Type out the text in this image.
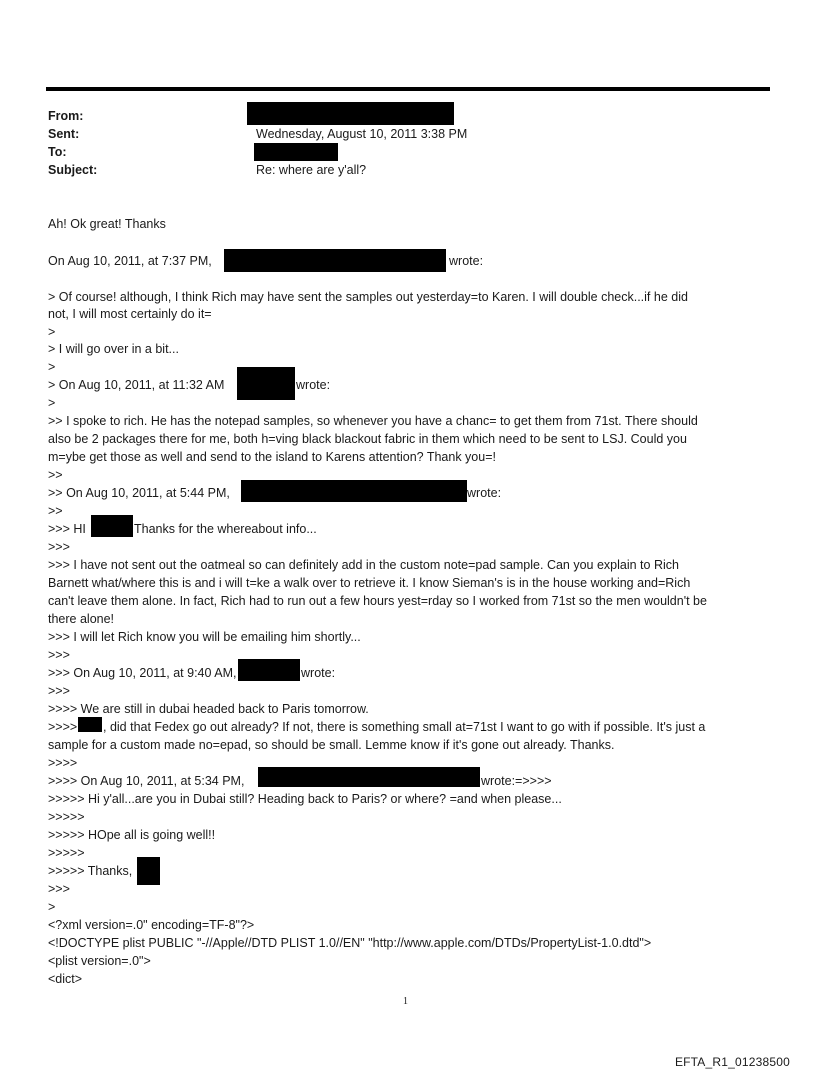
From:
Sent:	Wednesday, August 10, 2011 3:38 PM
To:
Subject:	Re: where are y'all?
Ah! Ok great! Thanks
On Aug 10, 2011, at 7:37 PM,	wrote:
> Of course! although, I think Rich may have sent the samples out yesterday=to Karen. I will double check...if he did
not, I will most certainly do it=
>
> I will go over in a bit...
>
> On Aug 10, 2011, at 11:32 AM	wrote:
>
>> I spoke to rich. He has the notepad samples, so whenever you have a chanc= to get them from 71st. There should
also be 2 packages there for me, both h=ving black blackout fabric in them which need to be sent to LSJ. Could you
m=ybe get those as well and send to the island to Karens attention? Thank you=!
>>
>> On Aug 10, 2011, at 5:44 PM,	wrote:
>>
>>> HI	Thanks for the whereabout info...
>>>
>>> I have not sent out the oatmeal so can definitely add in the custom note=pad sample. Can you explain to Rich
Barnett what/where this is and i will t=ke a walk over to retrieve it. I know Sieman's is in the house working and=Rich
can't leave them alone. In fact, Rich had to run out a few hours yest=rday so I worked from 71st so the men wouldn't be
there alone!
>>> I will let Rich know you will be emailing him shortly...
>>>
>>> On Aug 10, 2011, at 9:40 AM,	wrote:
>>>
>>>> We are still in dubai headed back to Paris tomorrow.
>>>> , did that Fedex go out already? If not, there is something small at=71st I want to go with if possible. It's just a
sample for a custom made no=epad, so should be small. Lemme know if it's gone out already. Thanks.
>>>>
>>>> On Aug 10, 2011, at 5:34 PM,	wrote:=>>>>
>>>>> Hi y'all...are you in Dubai still? Heading back to Paris? or where? =and when please...
>>>>>
>>>>> HOpe all is going well!!
>>>>>
>>>>> Thanks,
>>>
>
<?xml version=.0" encoding=TF-8"?>
<!DOCTYPE plist PUBLIC "-//Apple//DTD PLIST 1.0//EN" "http://www.apple.com/DTDs/PropertyList-1.0.dtd">
<plist version=.0">
<dict>
1
EFTA_R1_01238500
